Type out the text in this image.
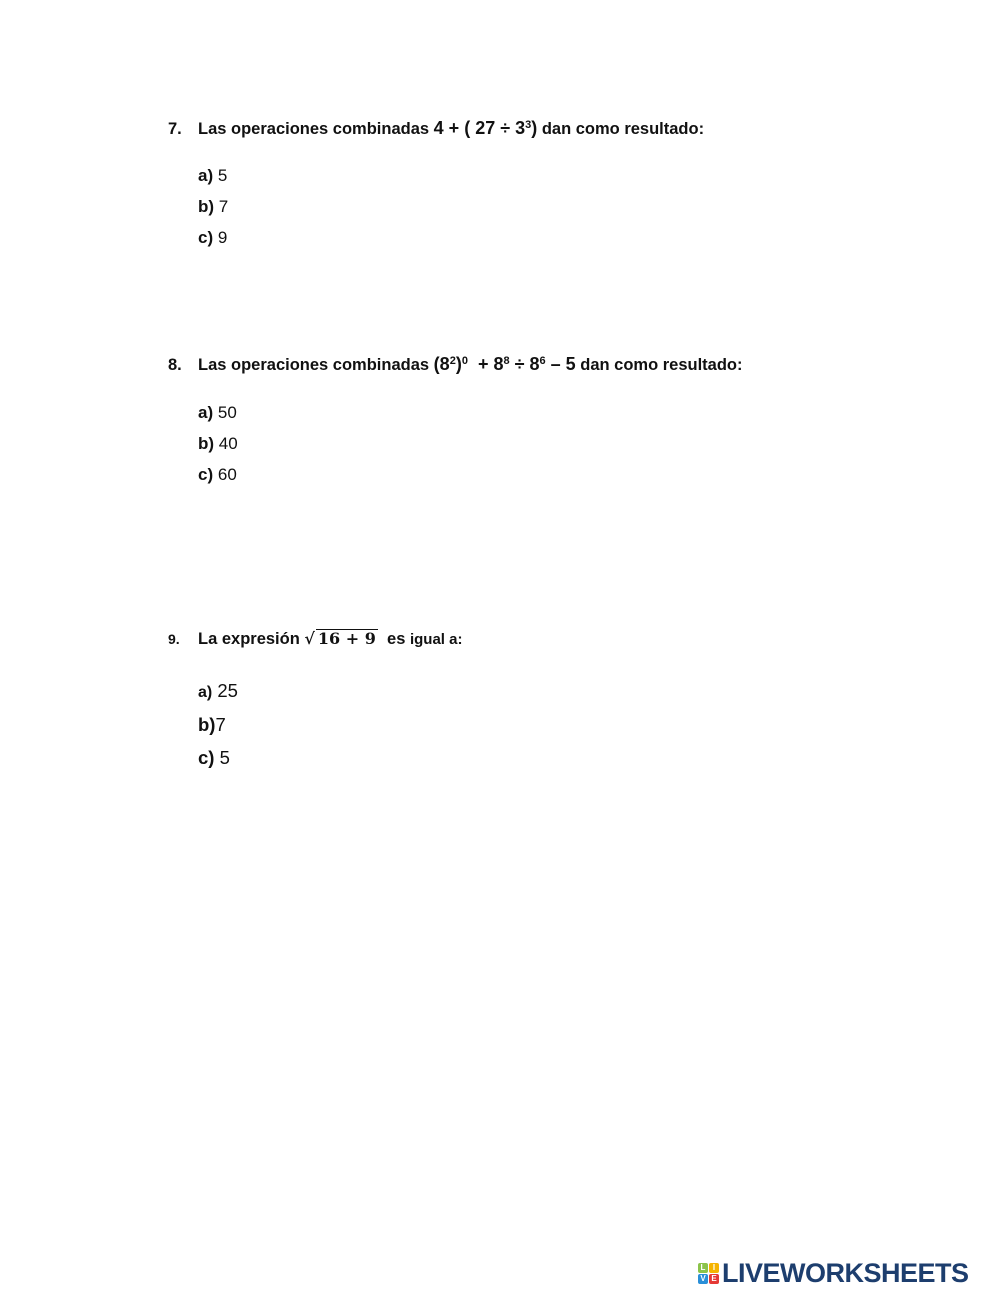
7. Las operaciones combinadas 4 + ( $27 \div 3^3$) dan como resultado:
a) 5
b) 7
c) 9
8. Las operaciones combinadas $(8^2)^0 + 8^8 \div 8^6 - 5$ dan como resultado:
a) 50
b) 40
c) 60
9. La expresión √ 16 + 9 es igual a:
a) 25
b)7
c) 5
L I
V E LIVEWORKSHEETS
